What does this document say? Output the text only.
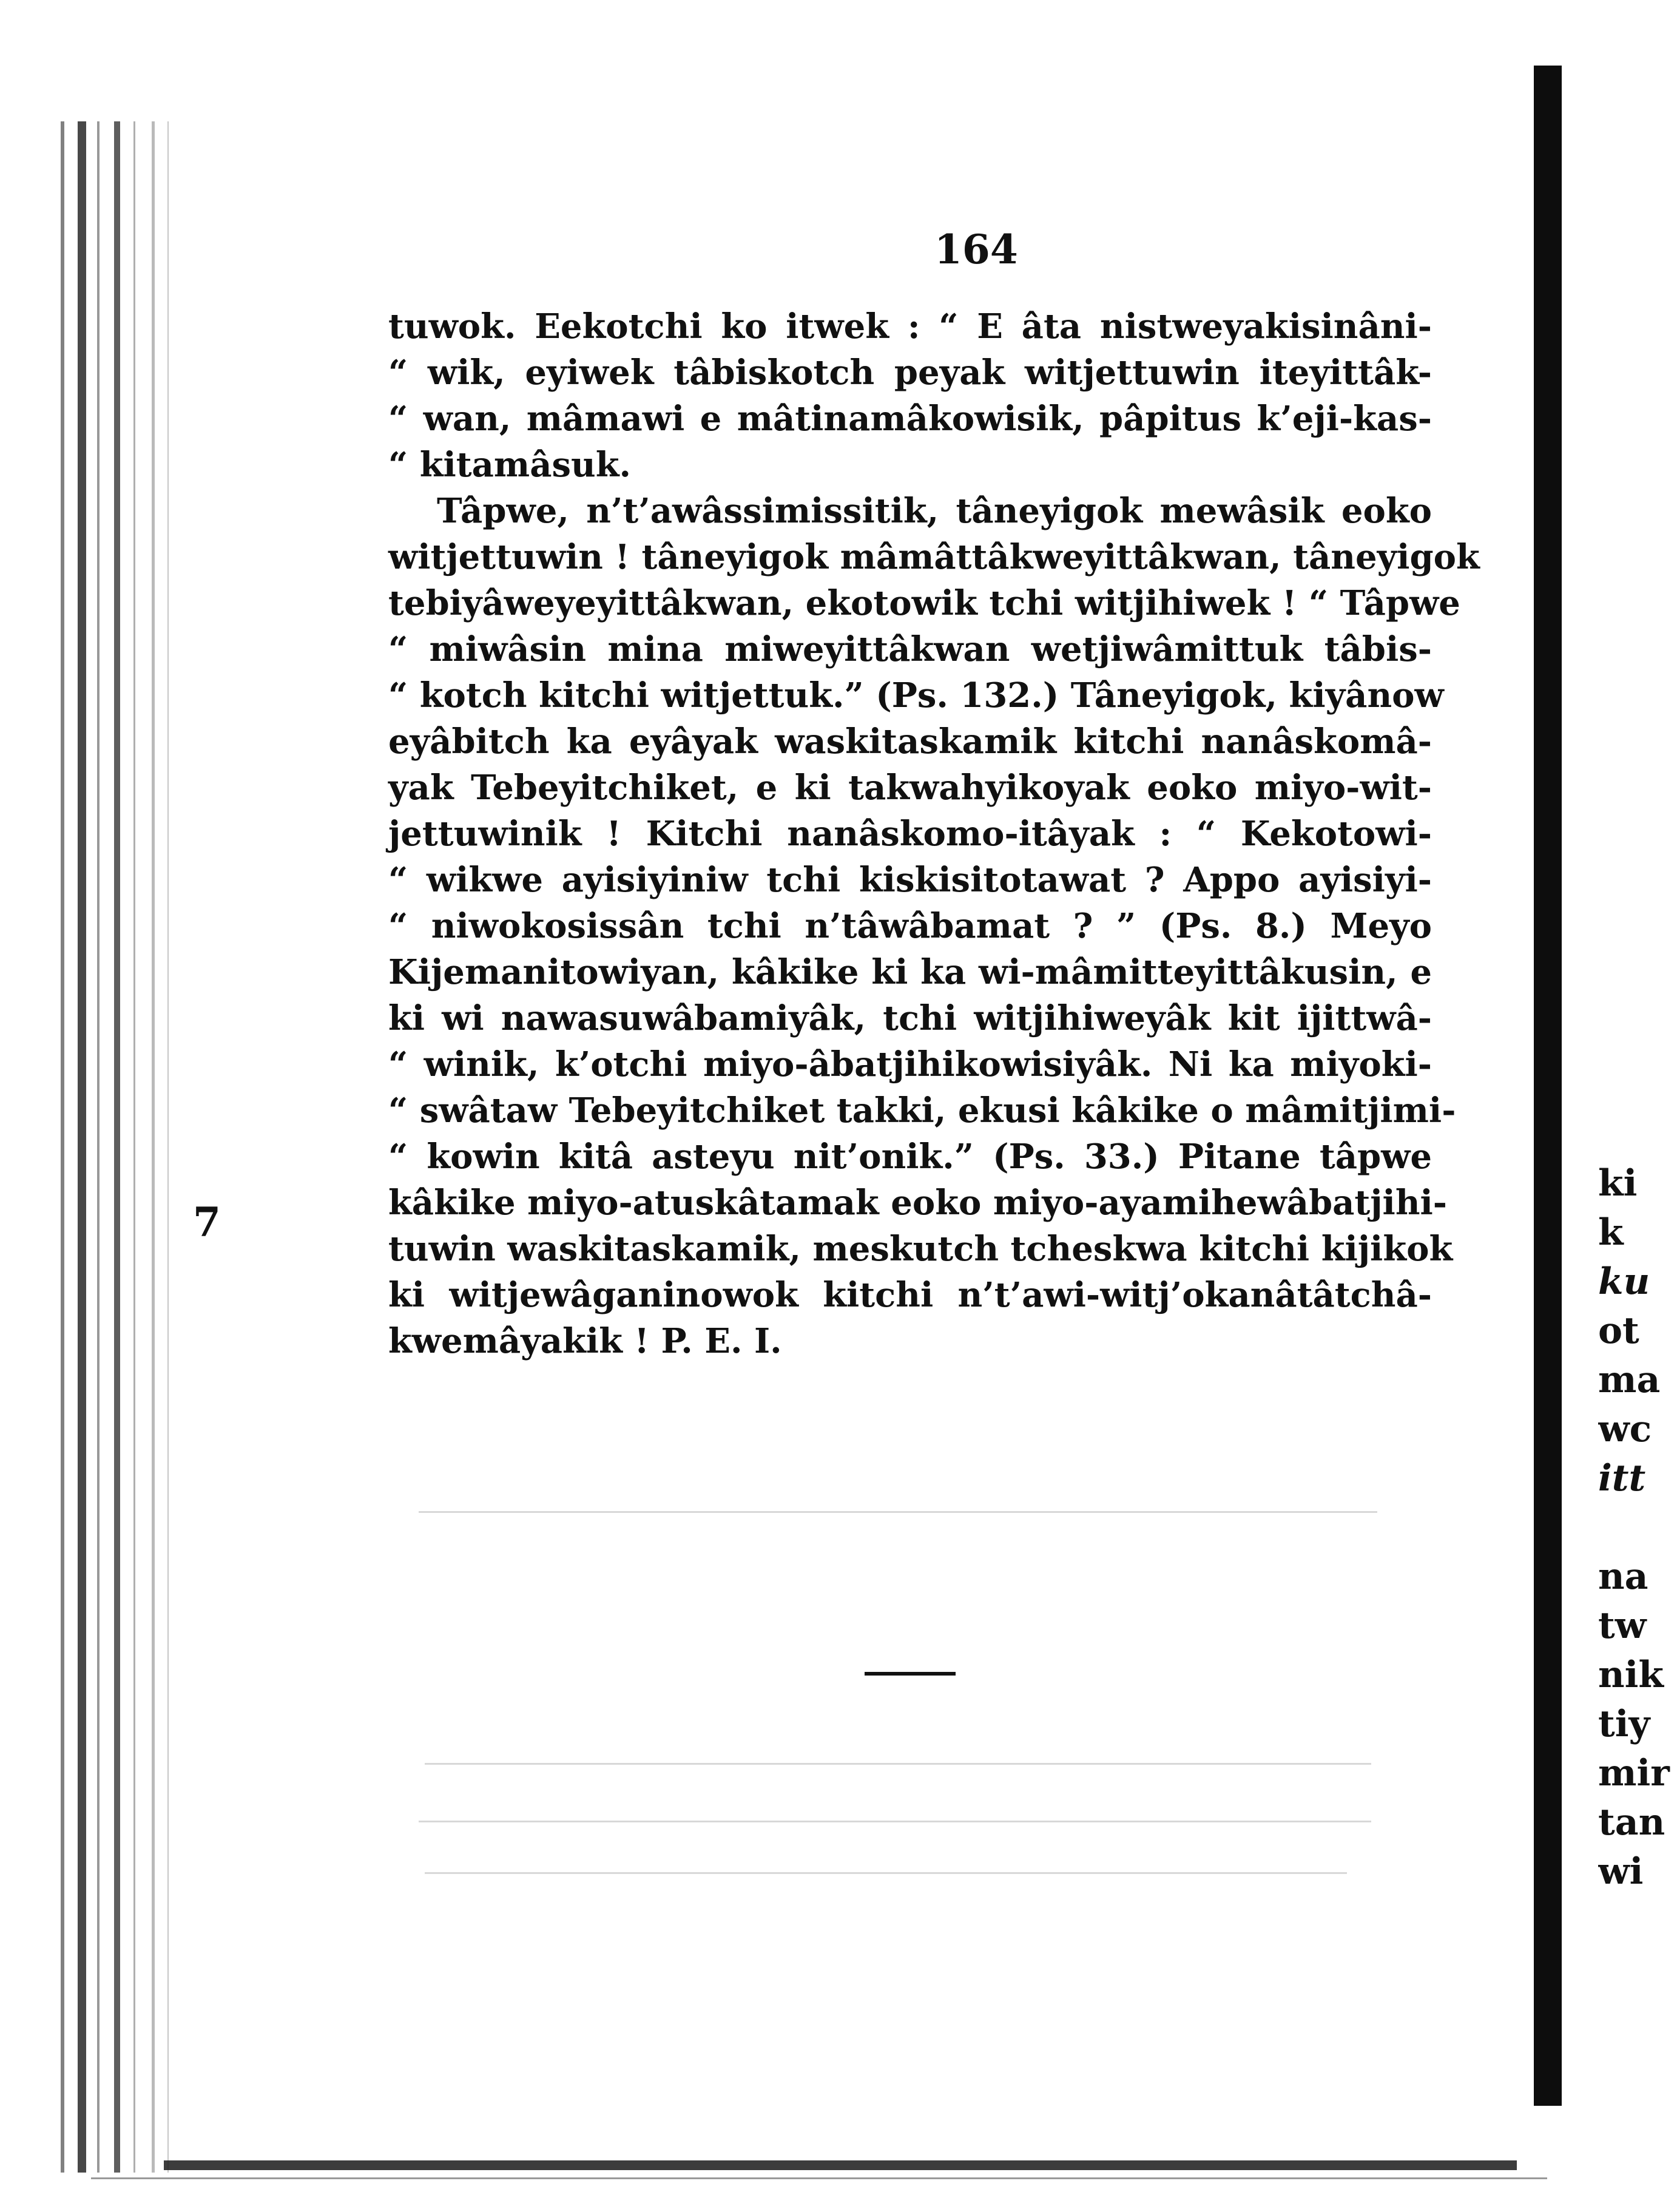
164
tuwok. Eekotchi ko itwek : “ E âta nistweyakisinâni-
“ wik, eyiwek tâbiskotch peyak witjettuwin iteyittâk-
“ wan, mâmawi e mâtinamâkowisik, pâpitus k’eji-kas-
“ kitamâsuk.
Tâpwe, n’t’awâssimissitik, tâneyigok mewâsik eoko
witjettuwin ! tâneyigok mâmâttâkweyittâkwan, tâneyigok
tebiyâweyeyittâkwan, ekotowik tchi witjihiwek ! “ Tâpwe
“ miwâsin mina miweyittâkwan wetjiwâmittuk tâbis-
“ kotch kitchi witjettuk.” (Ps. 132.) Tâneyigok, kiyânow
eyâbitch ka eyâyak waskitaskamik kitchi nanâskomâ-
yak Tebeyitchiket, e ki takwahyikoyak eoko miyo-wit-
jettuwinik ! Kitchi nanâskomo-itâyak : “ Kekotowi-
“ wikwe ayisiyiniw tchi kiskisitotawat ? Appo ayisiyi-
“ niwokosissân tchi n’tâwâbamat ? ” (Ps. 8.) Meyo
Kijemanitowiyan, kâkike ki ka wi-mâmitteyittâkusin, e
ki wi nawasuwâbamiyâk, tchi witjihiweyâk kit ijittwâ-
“ winik, k’otchi miyo-âbatjihikowisiyâk. Ni ka miyoki-
“ swâtaw Tebeyitchiket takki, ekusi kâkike o mâmitjimi-
“ kowin kitâ asteyu nit’onik.” (Ps. 33.) Pitane tâpwe
kâkike miyo-atuskâtamak eoko miyo-ayamihewâbatjihi-
tuwin waskitaskamik, meskutch tcheskwa kitchi kijikok
ki witjewâganinowok kitchi n’t’awi-witj’okanâtâtchâ-
kwemâyakik ! P. E. I.
7
ki
k
ku
ot
ma
wc
itt
na
tw
nik
tiy
mir
tan
wi
